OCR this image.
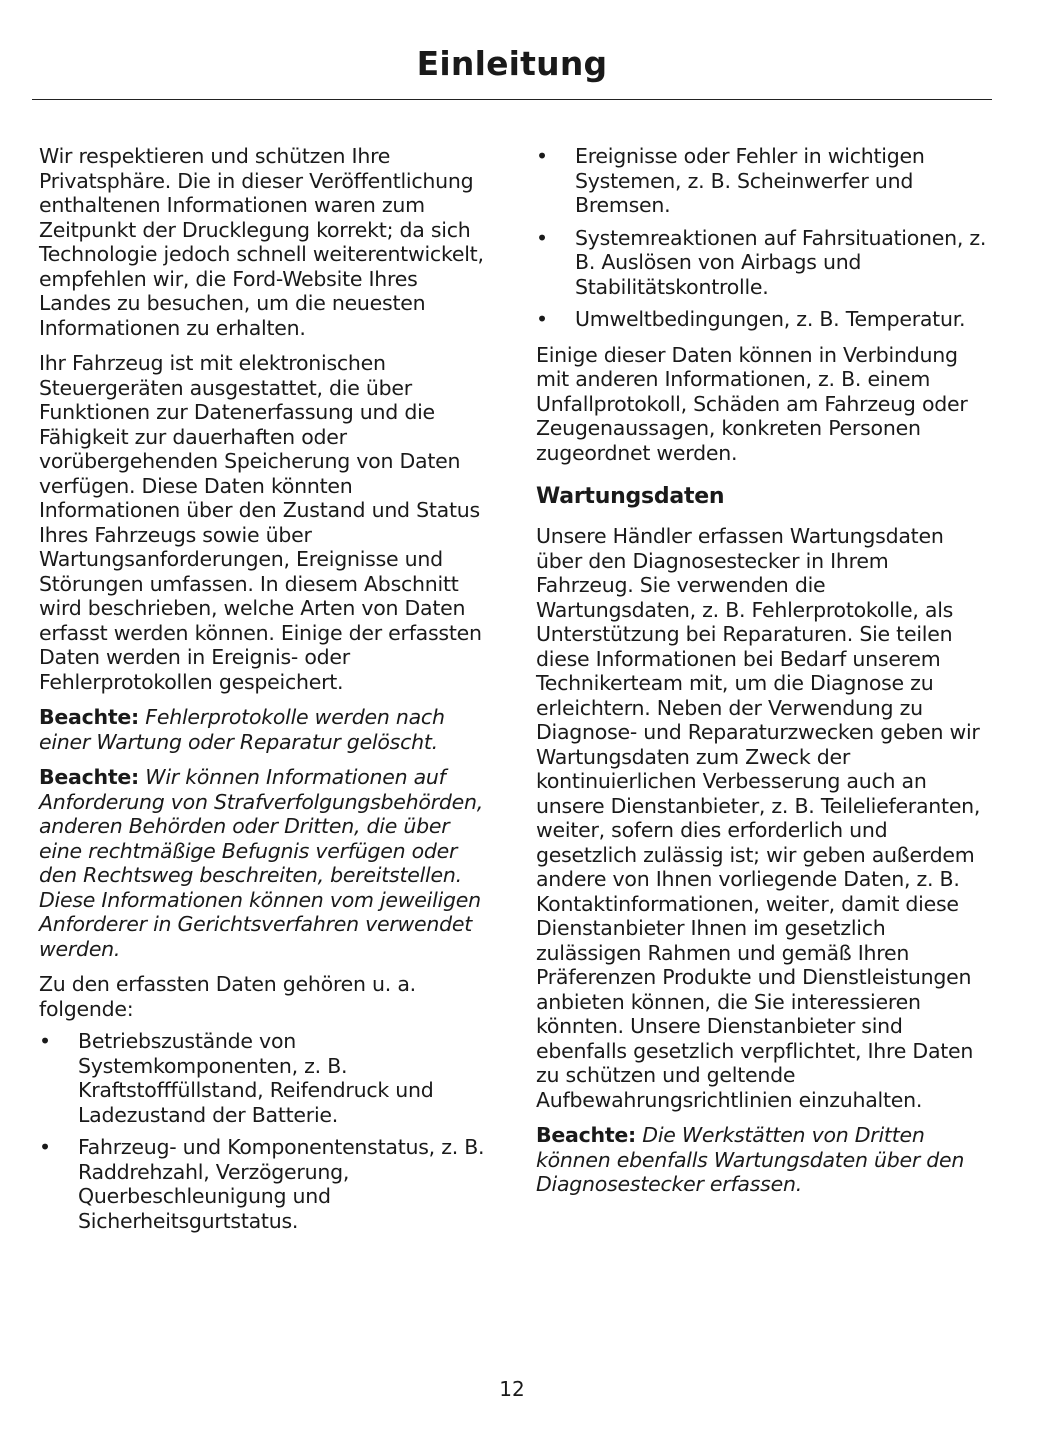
Einleitung

Wir respektieren und schützen Ihre Privatsphäre. Die in dieser Veröffentlichung enthaltenen Informationen waren zum Zeitpunkt der Drucklegung korrekt; da sich Technologie jedoch schnell weiterentwickelt, empfehlen wir, die Ford-Website Ihres Landes zu besuchen, um die neuesten Informationen zu erhalten.

Ihr Fahrzeug ist mit elektronischen Steuergeräten ausgestattet, die über Funktionen zur Datenerfassung und die Fähigkeit zur dauerhaften oder vorübergehenden Speicherung von Daten verfügen. Diese Daten könnten Informationen über den Zustand und Status Ihres Fahrzeugs sowie über Wartungsanforderungen, Ereignisse und Störungen umfassen. In diesem Abschnitt wird beschrieben, welche Arten von Daten erfasst werden können. Einige der erfassten Daten werden in Ereignis- oder Fehlerprotokollen gespeichert.

Beachte: Fehlerprotokolle werden nach einer Wartung oder Reparatur gelöscht.

Beachte: Wir können Informationen auf Anforderung von Strafverfolgungsbehörden, anderen Behörden oder Dritten, die über eine rechtmäßige Befugnis verfügen oder den Rechtsweg beschreiten, bereitstellen. Diese Informationen können vom jeweiligen Anforderer in Gerichtsverfahren verwendet werden.

Zu den erfassten Daten gehören u. a. folgende:

• Betriebszustände von Systemkomponenten, z. B. Kraftstofffüllstand, Reifendruck und Ladezustand der Batterie.
• Fahrzeug- und Komponentenstatus, z. B. Raddrehzahl, Verzögerung, Querbeschleunigung und Sicherheitsgurtstatus.
• Ereignisse oder Fehler in wichtigen Systemen, z. B. Scheinwerfer und Bremsen.
• Systemreaktionen auf Fahrsituationen, z. B. Auslösen von Airbags und Stabilitätskontrolle.
• Umweltbedingungen, z. B. Temperatur.

Einige dieser Daten können in Verbindung mit anderen Informationen, z. B. einem Unfallprotokoll, Schäden am Fahrzeug oder Zeugenaussagen, konkreten Personen zugeordnet werden.

Wartungsdaten

Unsere Händler erfassen Wartungsdaten über den Diagnosestecker in Ihrem Fahrzeug. Sie verwenden die Wartungsdaten, z. B. Fehlerprotokolle, als Unterstützung bei Reparaturen. Sie teilen diese Informationen bei Bedarf unserem Technikerteam mit, um die Diagnose zu erleichtern. Neben der Verwendung zu Diagnose- und Reparaturzwecken geben wir Wartungsdaten zum Zweck der kontinuierlichen Verbesserung auch an unsere Dienstanbieter, z. B. Teilelieferanten, weiter, sofern dies erforderlich und gesetzlich zulässig ist; wir geben außerdem andere von Ihnen vorliegende Daten, z. B. Kontaktinformationen, weiter, damit diese Dienstanbieter Ihnen im gesetzlich zulässigen Rahmen und gemäß Ihren Präferenzen Produkte und Dienstleistungen anbieten können, die Sie interessieren könnten. Unsere Dienstanbieter sind ebenfalls gesetzlich verpflichtet, Ihre Daten zu schützen und geltende Aufbewahrungsrichtlinien einzuhalten.

Beachte: Die Werkstätten von Dritten können ebenfalls Wartungsdaten über den Diagnosestecker erfassen.

12
